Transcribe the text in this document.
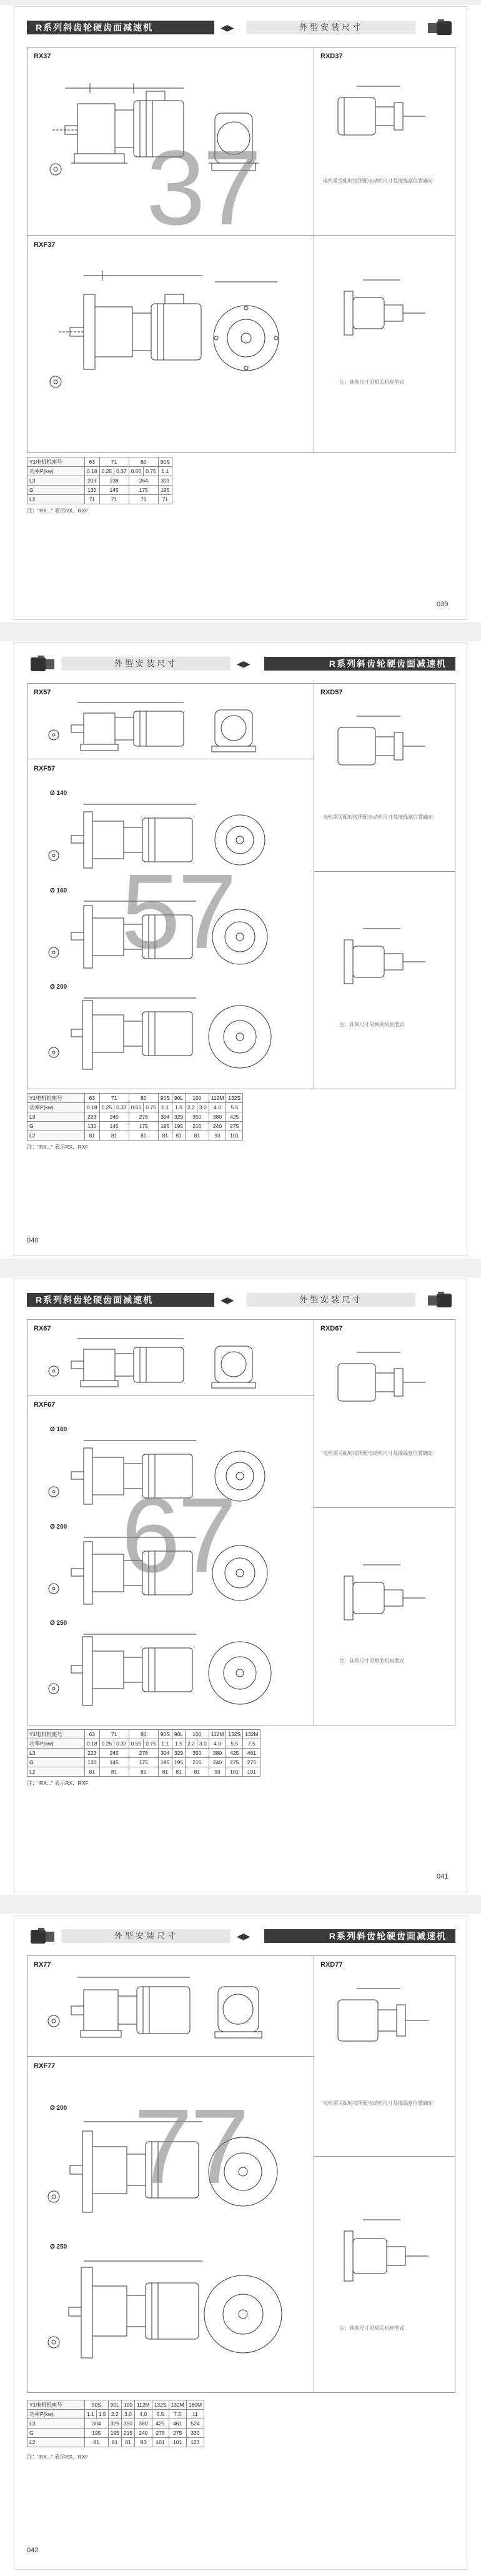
R系列斜齿轮硬齿面减速机	◀▶	外型安装尺寸
RX37
RXF37 37
RXD37
电机需另配时按所配电动机尺寸及接线盒位置确定
注：具体尺寸见相关机座型式
Y1电机机座号	63	71		80		90S
功率P(kw)	0.18	0.25	0.37	0.55	0.75	1.1
L3	203	238		264		301
G	130	145		175		195
L2	71	71		71		71
注："RX..." 表示RX、RXF
039
外型安装尺寸	◀▶	R系列斜齿轮硬齿面减速机
RX57
RXF57
Ø 140
Ø 160
Ø 200
57
RXD57
电机需另配时按所配电动机尺寸及接线盒位置确定
注：具体尺寸见相关机座型式
Y1电机机座号	63	71		80		90S	90L	100		112M	132S
功率P(kw)	0.18	0.25	0.37	0.55	0.75	1.1	1.5	2.2	3.0	4.0	5.5
L3	223	245		276		304	329	350		380	425
G	130	145		175		195	195	215		240	275
L2	81	81		81		81	81	81		93	101
注："RX..." 表示RX、RXF
040
R系列斜齿轮硬齿面减速机	◀▶	外型安装尺寸
RX67
RXF67
Ø 160
Ø 200
Ø 250
67
RXD67
电机需另配时按所配电动机尺寸及接线盒位置确定
注：具体尺寸见相关机座型式
Y1电机机座号	63	71		80		90S	90L	100		112M	132S	132M
功率P(kw)	0.18	0.25	0.37	0.55	0.75	1.1	1.5	2.2	3.0	4.0	5.5	7.5
L3	223	245		276		304	329	350		380	425	461
G	130	145		175		195	195	215		240	275	275
L2	81	81		81		81	81	81		93	101	101
注："RX..." 表示RX、RXF
041
外型安装尺寸	◀▶	R系列斜齿轮硬齿面减速机
RX77
RXF77
Ø 200
Ø 250
77
RXD77
电机需另配时按所配电动机尺寸及接线盒位置确定
注：具体尺寸见相关机座型式
Y1电机机座号	90S		90L	100	112M	132S	132M	160M
功率P(kw)	1.1	1.5	2.2	3.0	4.0	5.5	7.5	11
L3	304		329	350	380	425	461	524
G	195		195	215	240	275	275	330
L2	81		81	81	93	101	101	123
注："RX..." 表示RX、RXF
042
